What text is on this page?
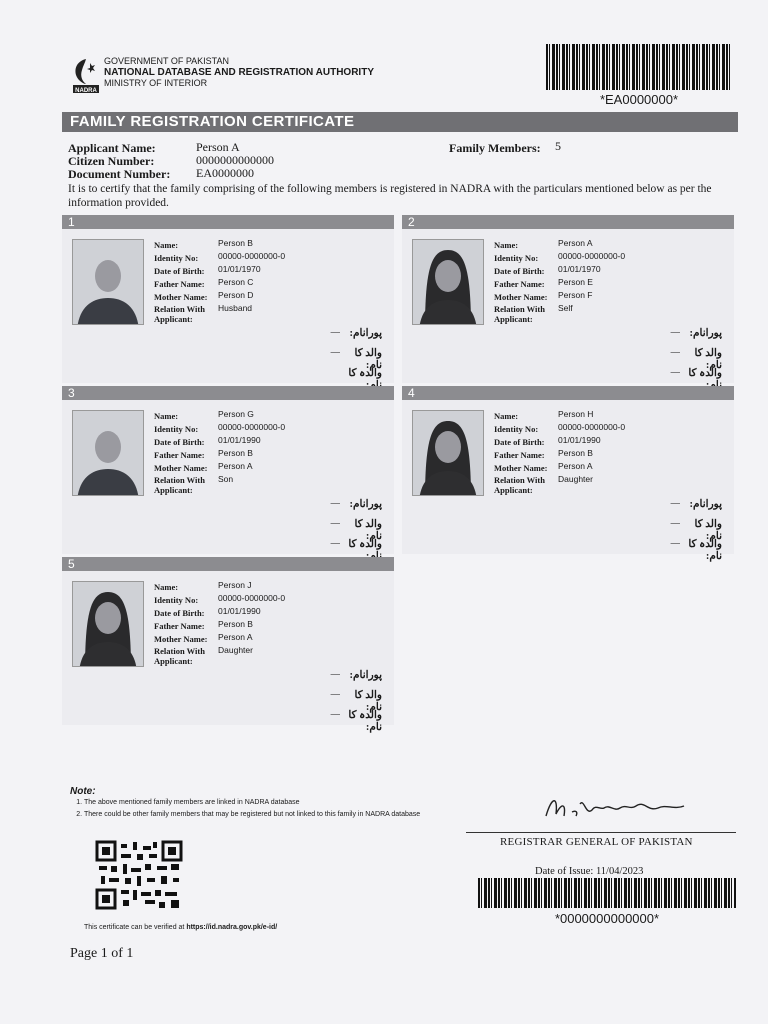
NADRA
GOVERNMENT OF PAKISTAN
NATIONAL DATABASE AND REGISTRATION AUTHORITY
MINISTRY OF INTERIOR
*EA0000000*
FAMILY REGISTRATION CERTIFICATE
Applicant Name:	Person A
Citizen Number:	0000000000000
Document Number: EA0000000
Family Members: 5
It is to certify that the family comprising of the following members is registered in NADRA with the particulars mentioned below as per the information provided.
1
Name:
Identity No:
Date of Birth:
Father Name:
Mother Name:
Relation With Applicant:
Person B
00000-0000000-0
01/01/1970
Person C
Person D
Husband
پورانام:
—
والد کا نام:
—
والدہ کا
2
Name:
Identity No:
Date of Birth:
Father Name:
Mother Name:
Relation With Applicant:
Person A
00000-0000000-0
01/01/1970
Person E
Person F
Self
پورانام:
—
والد کا نام:
—
والدہ کا
—
3
Name:
Identity No:
Date of Birth:
Father Name:
Mother Name:
Relation With Applicant:
Person G
00000-0000000-0
01/01/1990
Person B
Person A
Son
پورانام:
—
والد کا نام:
—
والدہ کا
—
4
Name:
Identity No:
Date of Birth:
Father Name:
Mother Name:
Relation With Applicant:
Person H
00000-0000000-0
01/01/1990
Person B
Person A
Daughter
پورانام:
—
والد کا نام:
—
والدہ کا نام:
—
5
Name:
Identity No:
Date of Birth:
Father Name:
Mother Name:
Relation With Applicant:
Person J
00000-0000000-0
01/01/1990
Person B
Person A
Daughter
پورانام:
—
والد کا نام:
—
والدہ کا نام:
—
Note:
1. The above mentioned family members are linked in NADRA database
2. There could be other family members that may be registered but not linked to this family in NADRA database
REGISTRAR GENERAL OF PAKISTAN
Date of Issue: 11/04/2023
*0000000000000*
This certificate can be verified at https://id.nadra.gov.pk/e-id/
Page 1 of 1
